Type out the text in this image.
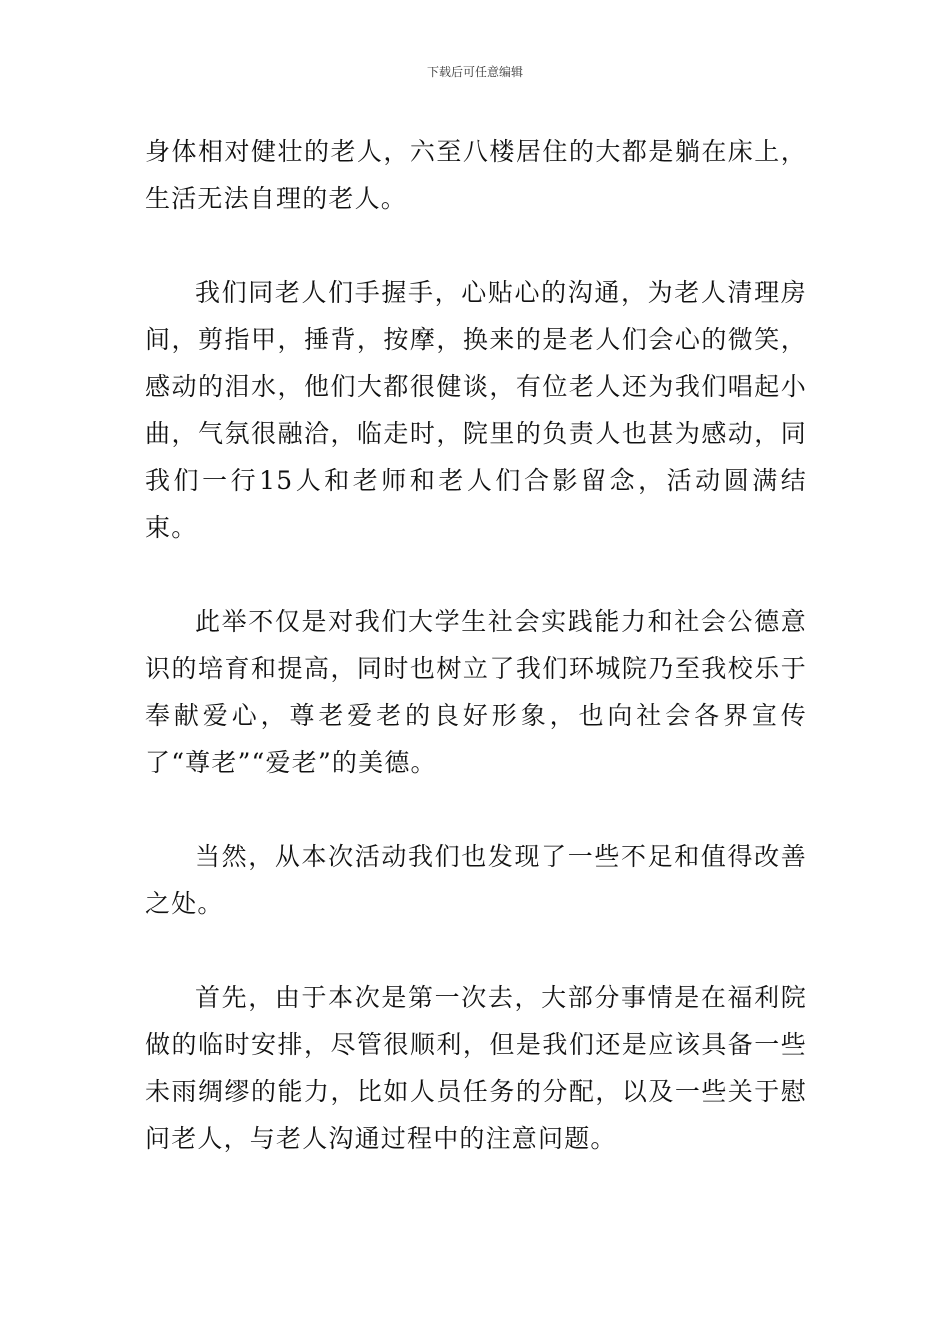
下载后可任意编辑

身体相对健壮的老人，六至八楼居住的大都是躺在床上，生活无法自理的老人。

我们同老人们手握手，心贴心的沟通，为老人清理房间，剪指甲，捶背，按摩，换来的是老人们会心的微笑，感动的泪水，他们大都很健谈，有位老人还为我们唱起小曲，气氛很融洽，临走时，院里的负责人也甚为感动，同我们一行15人和老师和老人们合影留念，活动圆满结束。

此举不仅是对我们大学生社会实践能力和社会公德意识的培育和提高，同时也树立了我们环城院乃至我校乐于奉献爱心，尊老爱老的良好形象，也向社会各界宣传了“尊老”“爱老”的美德。

当然，从本次活动我们也发现了一些不足和值得改善之处。

首先，由于本次是第一次去，大部分事情是在福利院做的临时安排，尽管很顺利，但是我们还是应该具备一些未雨绸缪的能力，比如人员任务的分配，以及一些关于慰问老人，与老人沟通过程中的注意问题。
